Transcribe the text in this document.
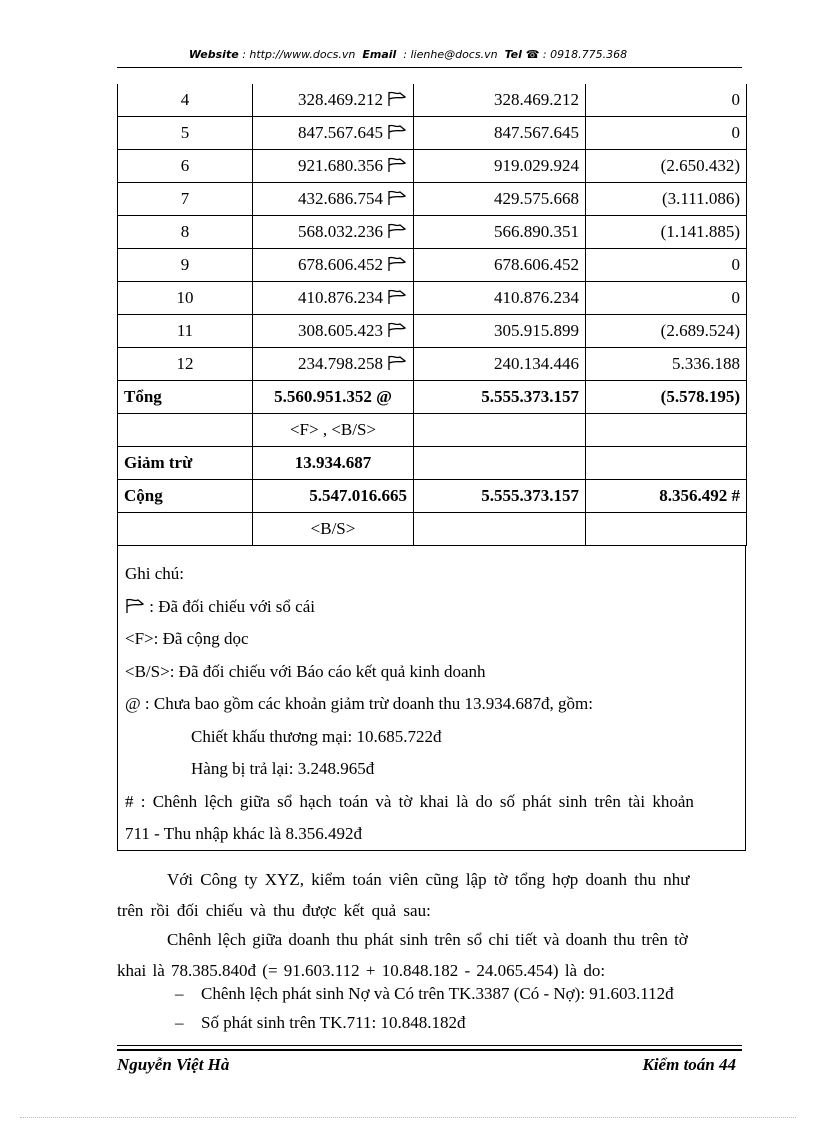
Website : http://www.docs.vn Email : lienhe@docs.vn Tel ☎ : 0918.775.368
4	328.469.212	328.469.212	0
5	847.567.645	847.567.645	0
6	921.680.356	919.029.924	(2.650.432)
7	432.686.754	429.575.668	(3.111.086)
8	568.032.236	566.890.351	(1.141.885)
9	678.606.452	678.606.452	0
10	410.876.234	410.876.234	0
11	308.605.423	305.915.899	(2.689.524)
12	234.798.258	240.134.446	5.336.188
Tổng	5.560.951.352 @	5.555.373.157	(5.578.195)
	<F> , <B/S>		
Giảm trừ	13.934.687		
Cộng	5.547.016.665	5.555.373.157	8.356.492 #
	<B/S>		
Ghi chú:
: Đã đối chiếu với sổ cái
<F>: Đã cộng dọc
<B/S>: Đã đối chiếu với Báo cáo kết quả kinh doanh
@ : Chưa bao gồm các khoản giảm trừ doanh thu 13.934.687đ, gồm:
Chiết khấu thương mại: 10.685.722đ
Hàng bị trả lại: 3.248.965đ
# : Chênh lệch giữa sổ hạch toán và tờ khai là do số phát sinh trên tài khoản
711 - Thu nhập khác là 8.356.492đ
Với Công ty XYZ, kiểm toán viên cũng lập tờ tổng hợp doanh thu như
trên rồi đối chiếu và thu được kết quả sau:
Chênh lệch giữa doanh thu phát sinh trên sổ chi tiết và doanh thu trên tờ
khai là 78.385.840đ (= 91.603.112 + 10.848.182 - 24.065.454) là do:
– Chênh lệch phát sinh Nợ và Có trên TK.3387 (Có - Nợ): 91.603.112đ
– Số phát sinh trên TK.711: 10.848.182đ
Nguyễn Việt Hà	Kiểm toán 44
